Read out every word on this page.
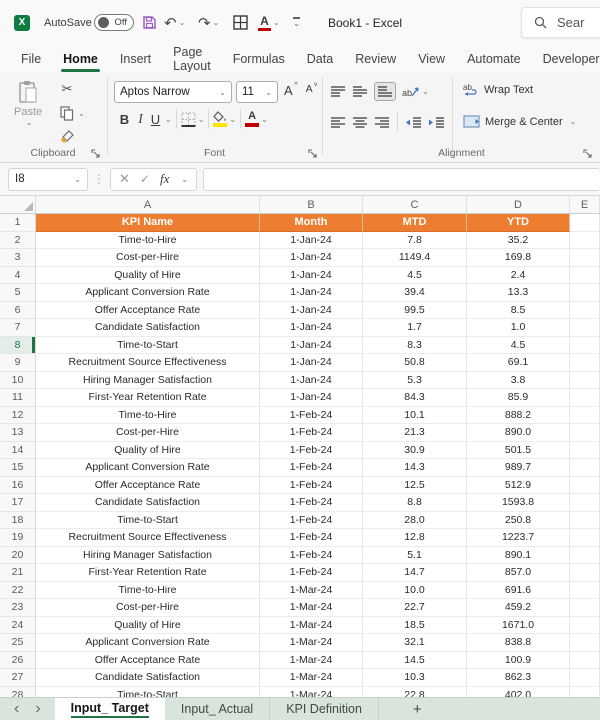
X	AutoSave Off ↶ ⌄ ↷ ⌄	A ⌄ ⌄ Book1 - Excel	Sear
File	Home	Insert	Page Layout	Formulas	Data	Review	View	Automate	Developer
Paste
⌄
✂
⌄
Clipboard
Aptos Narrow	⌄ 11 ⌄ A ^ A ˅
B I U ⌄	⌄	⌄ A ⌄
Font
ab ⌄	ab Wrap Text
Merge & Center ⌄
Alignment
I8	⌄ ⋮ ✕ ✓ fx ⌄
A	B	C	D	E
1	KPI Name	Month	MTD	YTD
2	Time-to-Hire	1-Jan-24	7.8	35.2
3	Cost-per-Hire	1-Jan-24	1149.4	169.8
4	Quality of Hire	1-Jan-24	4.5	2.4
5	Applicant Conversion Rate	1-Jan-24	39.4	13.3
6	Offer Acceptance Rate	1-Jan-24	99.5	8.5
7	Candidate Satisfaction	1-Jan-24	1.7	1.0
8	Time-to-Start	1-Jan-24	8.3	4.5
9	Recruitment Source Effectiveness	1-Jan-24	50.8	69.1
10	Hiring Manager Satisfaction	1-Jan-24	5.3	3.8
11	First-Year Retention Rate	1-Jan-24	84.3	85.9
12	Time-to-Hire	1-Feb-24	10.1	888.2
13	Cost-per-Hire	1-Feb-24	21.3	890.0
14	Quality of Hire	1-Feb-24	30.9	501.5
15	Applicant Conversion Rate	1-Feb-24	14.3	989.7
16	Offer Acceptance Rate	1-Feb-24	12.5	512.9
17	Candidate Satisfaction	1-Feb-24	8.8	1593.8
18	Time-to-Start	1-Feb-24	28.0	250.8
19	Recruitment Source Effectiveness	1-Feb-24	12.8	1223.7
20	Hiring Manager Satisfaction	1-Feb-24	5.1	890.1
21	First-Year Retention Rate	1-Feb-24	14.7	857.0
22	Time-to-Hire	1-Mar-24	10.0	691.6
23	Cost-per-Hire	1-Mar-24	22.7	459.2
24	Quality of Hire	1-Mar-24	18.5	1671.0
25	Applicant Conversion Rate	1-Mar-24	32.1	838.8
26	Offer Acceptance Rate	1-Mar-24	14.5	100.9
27	Candidate Satisfaction	1-Mar-24	10.3	862.3
28	Time-to-Start	1-Mar-24	22.8	402.0
‹ › Input_ Target	Input_ Actual	KPI Definition	+
